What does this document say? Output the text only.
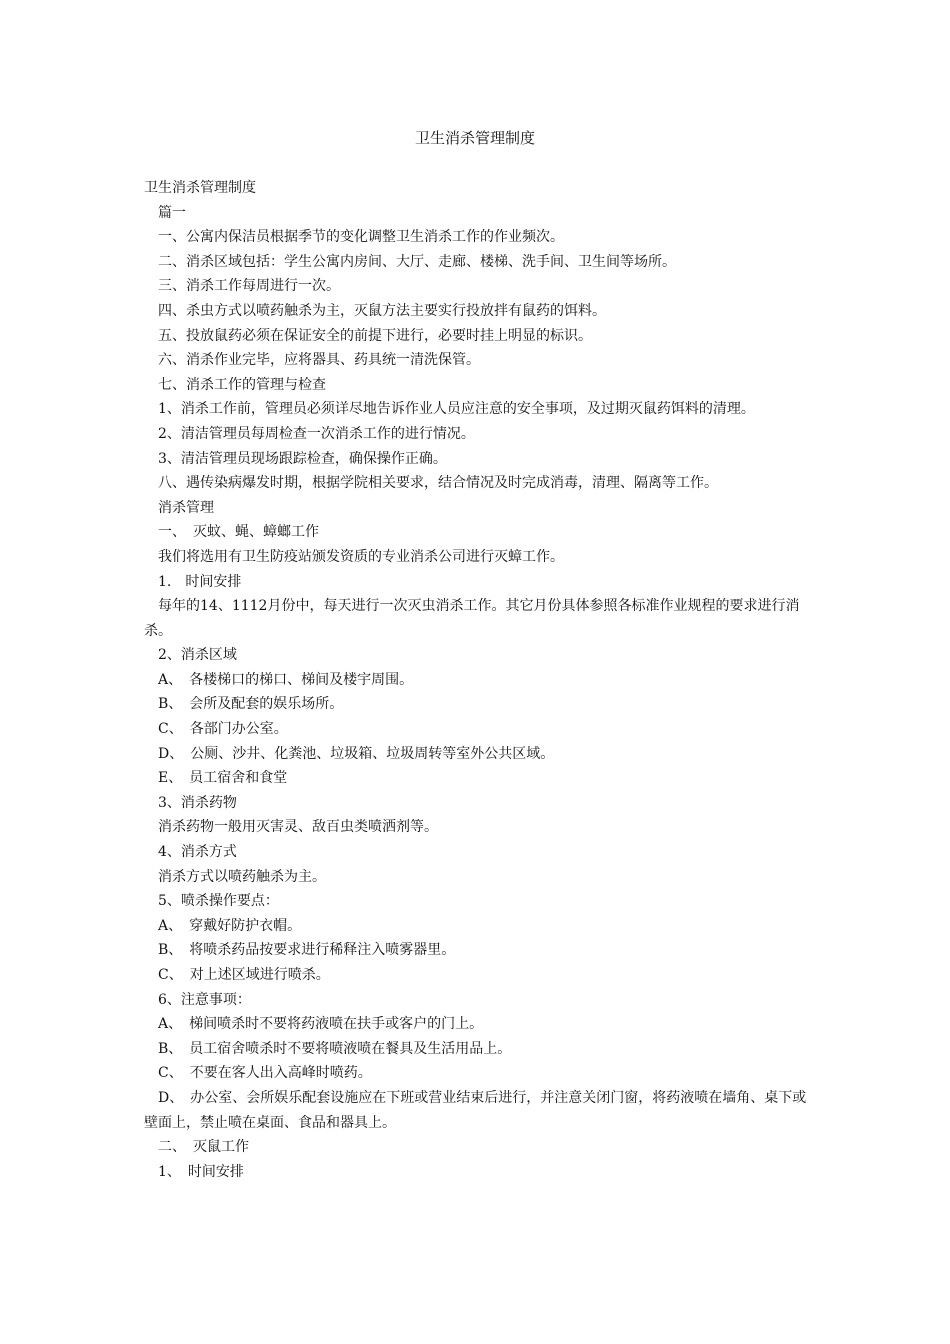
卫生消杀管理制度

卫生消杀管理制度

篇一

一、公寓内保洁员根据季节的变化调整卫生消杀工作的作业频次。

二、消杀区域包括：学生公寓内房间、大厅、走廊、楼梯、洗手间、卫生间等场所。

三、消杀工作每周进行一次。

四、杀虫方式以喷药触杀为主，灭鼠方法主要实行投放拌有鼠药的饵料。

五、投放鼠药必须在保证安全的前提下进行，必要时挂上明显的标识。

六、消杀作业完毕，应将器具、药具统一清洗保管。

七、消杀工作的管理与检查

1、消杀工作前，管理员必须详尽地告诉作业人员应注意的安全事项，及过期灭鼠药饵料的清理。

2、清洁管理员每周检查一次消杀工作的进行情况。

3、清洁管理员现场跟踪检查，确保操作正确。

八、遇传染病爆发时期，根据学院相关要求，结合情况及时完成消毒，清理、隔离等工作。

消杀管理

一、　灭蚊、蝇、蟑螂工作

我们将选用有卫生防疫站颁发资质的专业消杀公司进行灭蟑工作。

1.　时间安排

每年的14、1112月份中，每天进行一次灭虫消杀工作。其它月份具体参照各标准作业规程的要求进行消杀。

2、消杀区域

A、　各楼梯口的梯口、梯间及楼宇周围。

B、　会所及配套的娱乐场所。

C、　各部门办公室。

D、　公厕、沙井、化粪池、垃圾箱、垃圾周转等室外公共区域。

E、　员工宿舍和食堂

3、消杀药物

消杀药物一般用灭害灵、敌百虫类喷洒剂等。

4、消杀方式

消杀方式以喷药触杀为主。

5、喷杀操作要点：

A、　穿戴好防护衣帽。

B、　将喷杀药品按要求进行稀释注入喷雾器里。

C、　对上述区域进行喷杀。

6、注意事项：

A、　梯间喷杀时不要将药液喷在扶手或客户的门上。

B、　员工宿舍喷杀时不要将喷液喷在餐具及生活用品上。

C、　不要在客人出入高峰时喷药。

D、　办公室、会所娱乐配套设施应在下班或营业结束后进行，并注意关闭门窗，将药液喷在墙角、桌下或壁面上，禁止喷在桌面、食品和器具上。

二、　灭鼠工作

1、　时间安排
